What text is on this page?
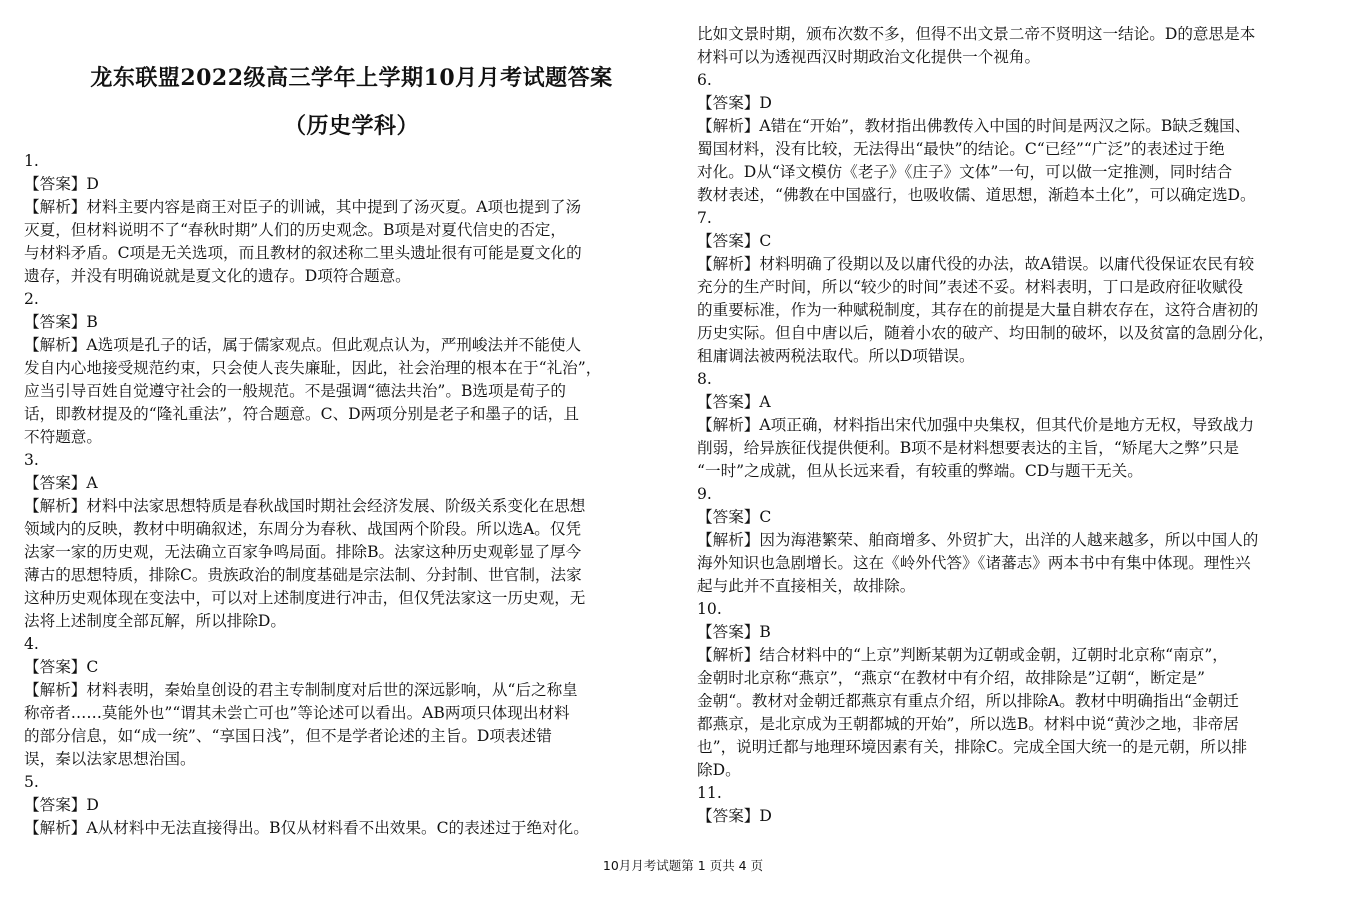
龙东联盟2022级高三学年上学期10月月考试题答案
（历史学科）
1.
【答案】D
【解析】材料主要内容是商王对臣子的训诫，其中提到了汤灭夏。A项也提到了汤
灭夏，但材料说明不了“春秋时期”人们的历史观念。B项是对夏代信史的否定，
与材料矛盾。C项是无关选项，而且教材的叙述称二里头遗址很有可能是夏文化的
遗存，并没有明确说就是夏文化的遗存。D项符合题意。
2.
【答案】B
【解析】A选项是孔子的话，属于儒家观点。但此观点认为，严刑峻法并不能使人
发自内心地接受规范约束，只会使人丧失廉耻，因此，社会治理的根本在于“礼治”，
应当引导百姓自觉遵守社会的一般规范。不是强调“德法共治”。B选项是荀子的
话，即教材提及的“隆礼重法”，符合题意。C、D两项分别是老子和墨子的话，且
不符题意。
3.
【答案】A
【解析】材料中法家思想特质是春秋战国时期社会经济发展、阶级关系变化在思想
领域内的反映，教材中明确叙述，东周分为春秋、战国两个阶段。所以选A。仅凭
法家一家的历史观，无法确立百家争鸣局面。排除B。法家这种历史观彰显了厚今
薄古的思想特质，排除C。贵族政治的制度基础是宗法制、分封制、世官制，法家
这种历史观体现在变法中，可以对上述制度进行冲击，但仅凭法家这一历史观，无
法将上述制度全部瓦解，所以排除D。
4.
【答案】C
【解析】材料表明，秦始皇创设的君主专制制度对后世的深远影响，从“后之称皇
称帝者……莫能外也”“谓其未尝亡可也”等论述可以看出。AB两项只体现出材料
的部分信息，如“成一统”、“享国日浅”，但不是学者论述的主旨。D项表述错
误，秦以法家思想治国。
5.
【答案】D
【解析】A从材料中无法直接得出。B仅从材料看不出效果。C的表述过于绝对化。
比如文景时期，颁布次数不多，但得不出文景二帝不贤明这一结论。D的意思是本
材料可以为透视西汉时期政治文化提供一个视角。
6.
【答案】D
【解析】A错在“开始”，教材指出佛教传入中国的时间是两汉之际。B缺乏魏国、
蜀国材料，没有比较，无法得出“最快”的结论。C“已经”“广泛”的表述过于绝
对化。D从“译文模仿《老子》《庄子》文体”一句，可以做一定推测，同时结合
教材表述，“佛教在中国盛行，也吸收儒、道思想，渐趋本土化”，可以确定选D。
7.
【答案】C
【解析】材料明确了役期以及以庸代役的办法，故A错误。以庸代役保证农民有较
充分的生产时间，所以“较少的时间”表述不妥。材料表明，丁口是政府征收赋役
的重要标准，作为一种赋税制度，其存在的前提是大量自耕农存在，这符合唐初的
历史实际。但自中唐以后，随着小农的破产、均田制的破坏，以及贫富的急剧分化，
租庸调法被两税法取代。所以D项错误。
8.
【答案】A
【解析】A项正确，材料指出宋代加强中央集权，但其代价是地方无权，导致战力
削弱，给异族征伐提供便利。B项不是材料想要表达的主旨，“矫尾大之弊”只是
“一时”之成就，但从长远来看，有较重的弊端。CD与题干无关。
9.
【答案】C
【解析】因为海港繁荣、舶商增多、外贸扩大，出洋的人越来越多，所以中国人的
海外知识也急剧增长。这在《岭外代答》《诸蕃志》两本书中有集中体现。理性兴
起与此并不直接相关，故排除。
10.
【答案】B
【解析】结合材料中的“上京”判断某朝为辽朝或金朝，辽朝时北京称“南京”，
金朝时北京称“燕京”，“燕京“在教材中有介绍，故排除是”辽朝“，断定是”
金朝“。教材对金朝迁都燕京有重点介绍，所以排除A。教材中明确指出“金朝迁
都燕京，是北京成为王朝都城的开始”，所以选B。材料中说“黄沙之地，非帝居
也”，说明迁都与地理环境因素有关，排除C。完成全国大统一的是元朝，所以排
除D。
11.
【答案】D
10月月考试题第 1 页共 4 页
